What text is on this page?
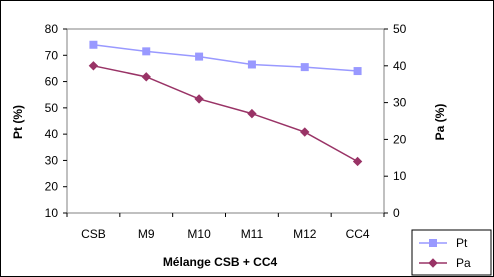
10
20
30
40
50
60
70
80
0
10
20
30
40
50
CSB	M9	M10 M11 M12 CC4
Mélange CSB + CC4
Pt (%)	Pa (%)
Pt
Pa
